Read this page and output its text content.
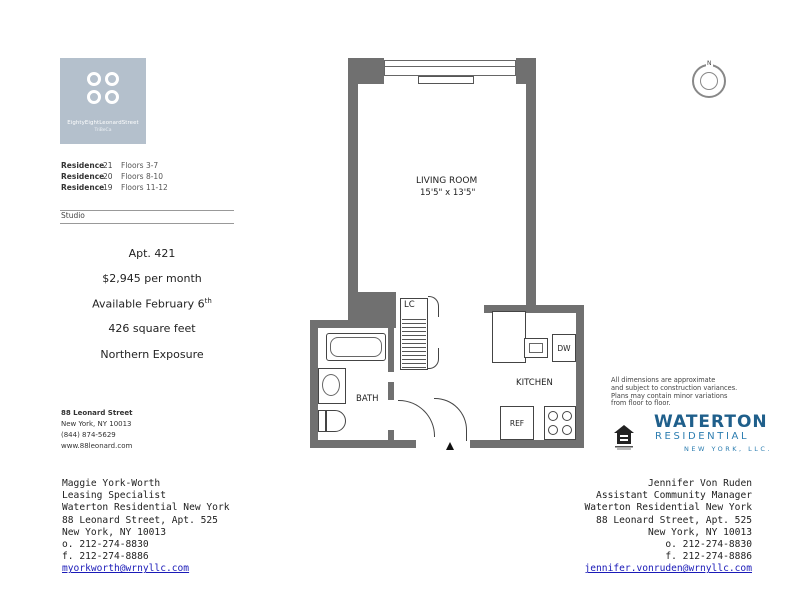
EightyEightLeonardStreet
TriBeCa
Residence21 Floors 3-7
Residence20 Floors 8-10
Residence19 Floors 11-12
Studio
Apt. 421
$2,945 per month
Available February 6th
426 square feet
Northern Exposure
88 Leonard Street
New York, NY 10013
(844) 874-5629
www.88leonard.com
Maggie York-Worth
Leasing Specialist
Waterton Residential New York
88 Leonard Street, Apt. 525
New York, NY 10013
o. 212-274-8830
f. 212-274-8886
myorkworth@wrnyllc.com
Jennifer Von Ruden
Assistant Community Manager
Waterton Residential New York
88 Leonard Street, Apt. 525
New York, NY 10013
o. 212-274-8830
f. 212-274-8886
jennifer.vonruden@wrnyllc.com
LC
BATH
DW
KITCHEN
REF
LIVING ROOM
15'5" x 13'5"
N
All dimensions are approximate
and subject to construction variances.
Plans may contain minor variations
from floor to floor.
WATERTON
RESIDENTIAL
NEW YORK, LLC.
